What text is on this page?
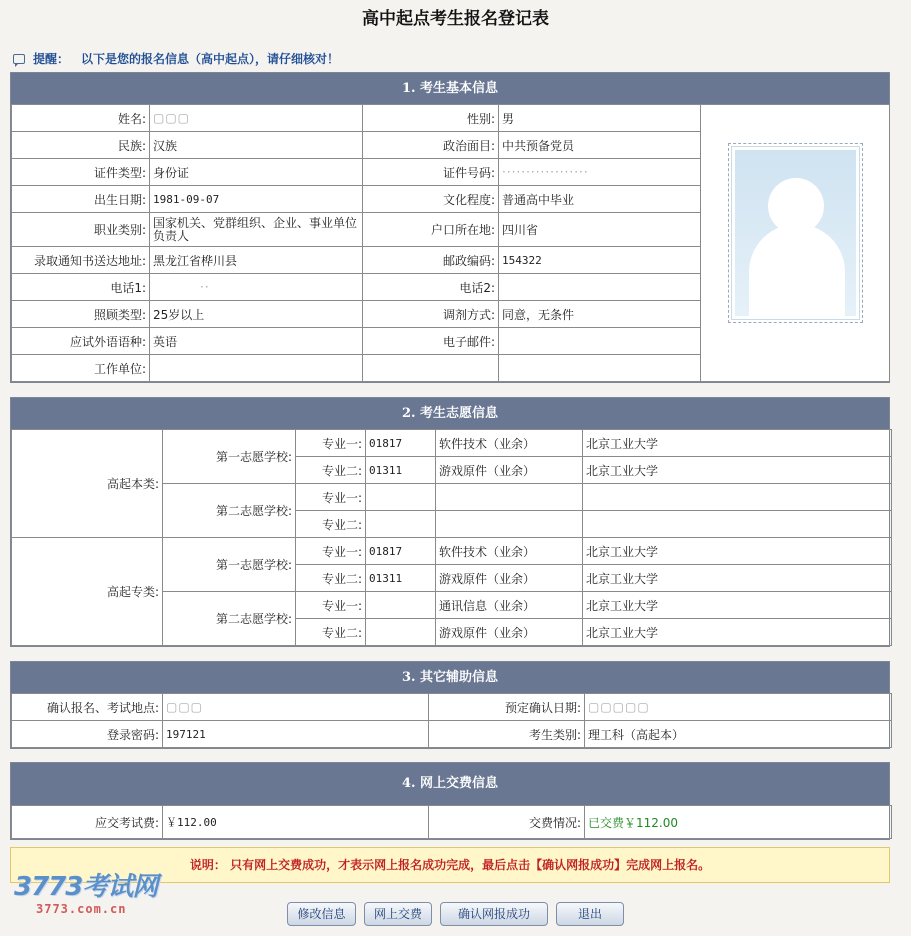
高中起点考生报名登记表
提醒： 以下是您的报名信息（高中起点），请仔细核对！
1. 考生基本信息
姓名:	▢▢▢	性别:	男	

民族:	汉族	政治面目:	中共预备党员	
证件类型:	身份证	证件号码:	··················	
出生日期:	1981-09-07	文化程度:	普通高中毕业	
职业类别:	国家机关、党群组织、企业、事业单位负责人	户口所在地:	四川省	
录取通知书送达地址:	黑龙江省桦川县	邮政编码:	154322	
电话1:	··	电话2:		
照顾类型:	25岁以上	调剂方式:	同意，无条件	
应试外语语种:	英语	电子邮件:		
工作单位:				
2. 考生志愿信息
高起本类:	第一志愿学校:	专业一:	01817	软件技术（业余）	北京工业大学
		专业二:	01311	游戏原件（业余）	北京工业大学
	第二志愿学校:	专业一:			
		专业二:			
高起专类:	第一志愿学校:	专业一:	01817	软件技术（业余）	北京工业大学
		专业二:	01311	游戏原件（业余）	北京工业大学
	第二志愿学校:	专业一:		通讯信息（业余）	北京工业大学
		专业二:		游戏原件（业余）	北京工业大学
3. 其它辅助信息
确认报名、考试地点:	▢▢▢	预定确认日期:	▢▢▢▢▢
登录密码:	197121	考生类别:	理工科（高起本）
4. 网上交费信息
应交考试费:	￥112.00	交费情况:	已交费￥112.00
说明： 只有网上交费成功，才表示网上报名成功完成，最后点击【确认网报成功】完成网上报名。
3773考试网
3773.com.cn	修改信息	网上交费	确认网报成功	退出
